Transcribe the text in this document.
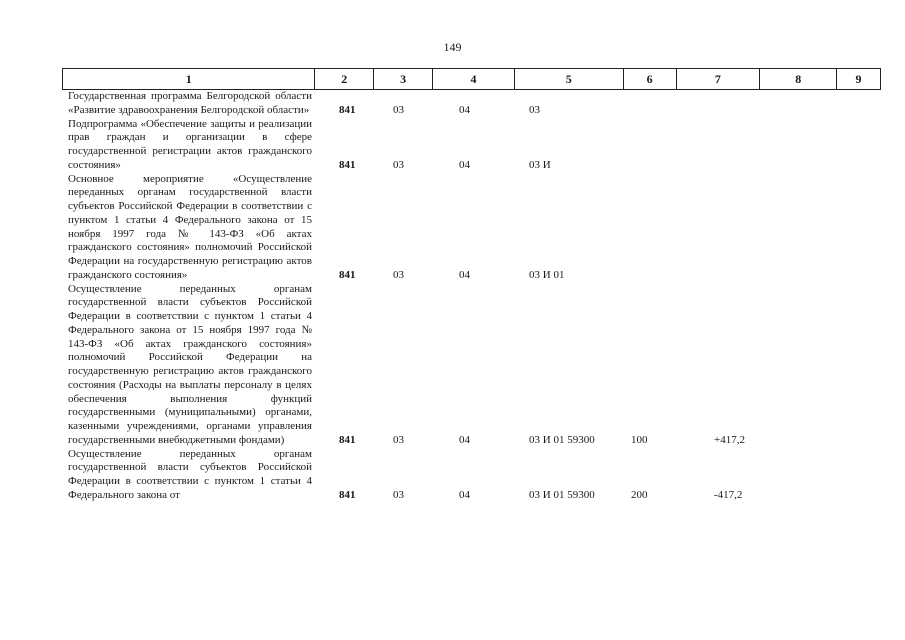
149
1	2	3	4	5	6	7	8	9
Государственная программа Белгородской области «Развитие здравоохранения Белгородской области»	841	03	04	03
Подпрограмма «Обеспечение защиты и реализации прав граждан и организации в сфере государственной регистрации актов гражданского состояния»	841	03	04	03 И
Основное мероприятие «Осуществление переданных органам государственной власти субъектов Российской Федерации в соответствии с пунктом 1 статьи 4 Федерального закона от 15 ноября 1997 года № 143-ФЗ «Об актах гражданского состояния» полномочий Российской Федерации на государственную регистрацию актов гражданского состояния»	841	03	04	03 И 01
Осуществление переданных органам государственной власти субъектов Российской Федерации в соответствии с пунктом 1 статьи 4 Федерального закона от 15 ноября 1997 года № 143-ФЗ «Об актах гражданского состояния» полномочий Российской Федерации на государственную регистрацию актов гражданского состояния (Расходы на выплаты персоналу в целях обеспечения выполнения функций государственными (муниципальными) органами, казенными учреждениями, органами управления государственными внебюджетными фондами)	841	03	04	03 И 01 59300	100	+417,2
Осуществление переданных органам государственной власти субъектов Российской Федерации в соответствии с пунктом 1 статьи 4 Федерального закона от	841	03	04	03 И 01 59300	200	-417,2
